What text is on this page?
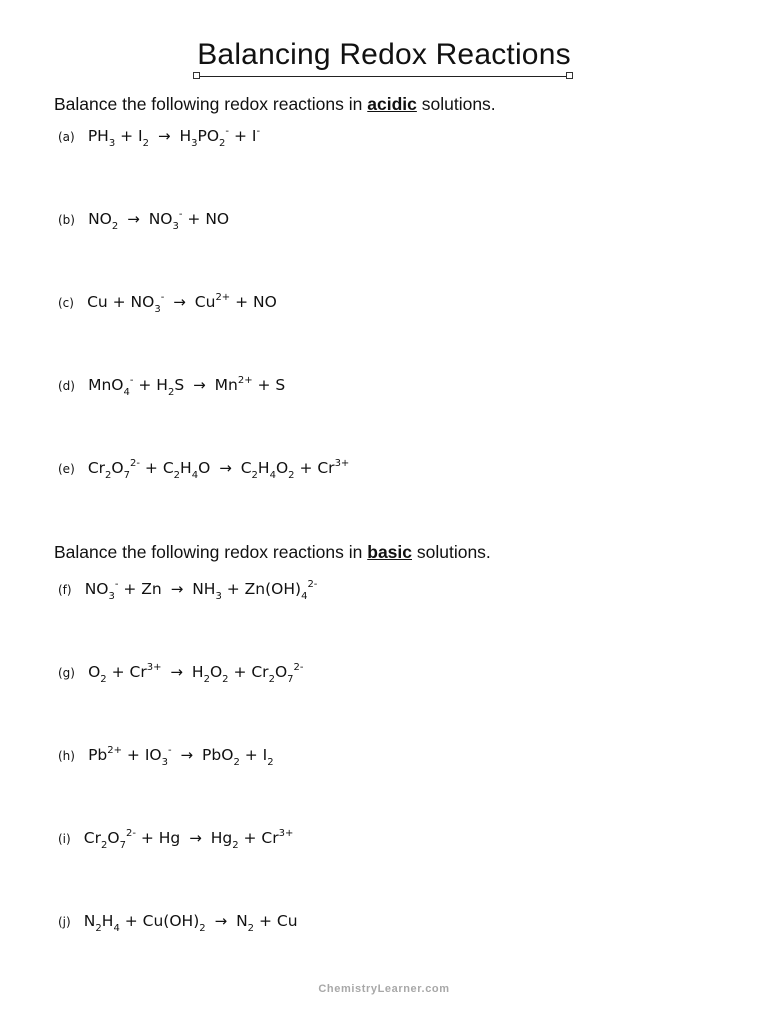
Balancing Redox Reactions
Balance the following redox reactions in acidic solutions.
(a) $PH_3 + I_2 \to H_3PO_2^- + I^-$
(b) $NO_2 \to NO_3^-$ + NO
(c) $Cu + NO_3^- \to Cu^{2+}$ + NO
(d) $MnO_4^- + H_2S \to Mn^{2+} + S$
(e) $Cr_2O_7^{2-} + C_2H_4O \to C_2H_4O_2 + Cr^{3+}$
Balance the following redox reactions in basic solutions.
(f) $NO_3^- + Zn \to NH_3 + Zn(OH)_4^{2-}$
(g) $O_2 + Cr^{3+} \to H_2O_2 + Cr_2O_7^{2-}$
(h) $Pb^{2+} + IO_3^- \to PbO_2 + I_2$
(i) $Cr_2O_7^{2-} + Hg \to Hg_2 + Cr^{3+}$
(j) $N_2H_4 + Cu(OH)_2 \to N_2 + Cu$
ChemistryLearner.com
